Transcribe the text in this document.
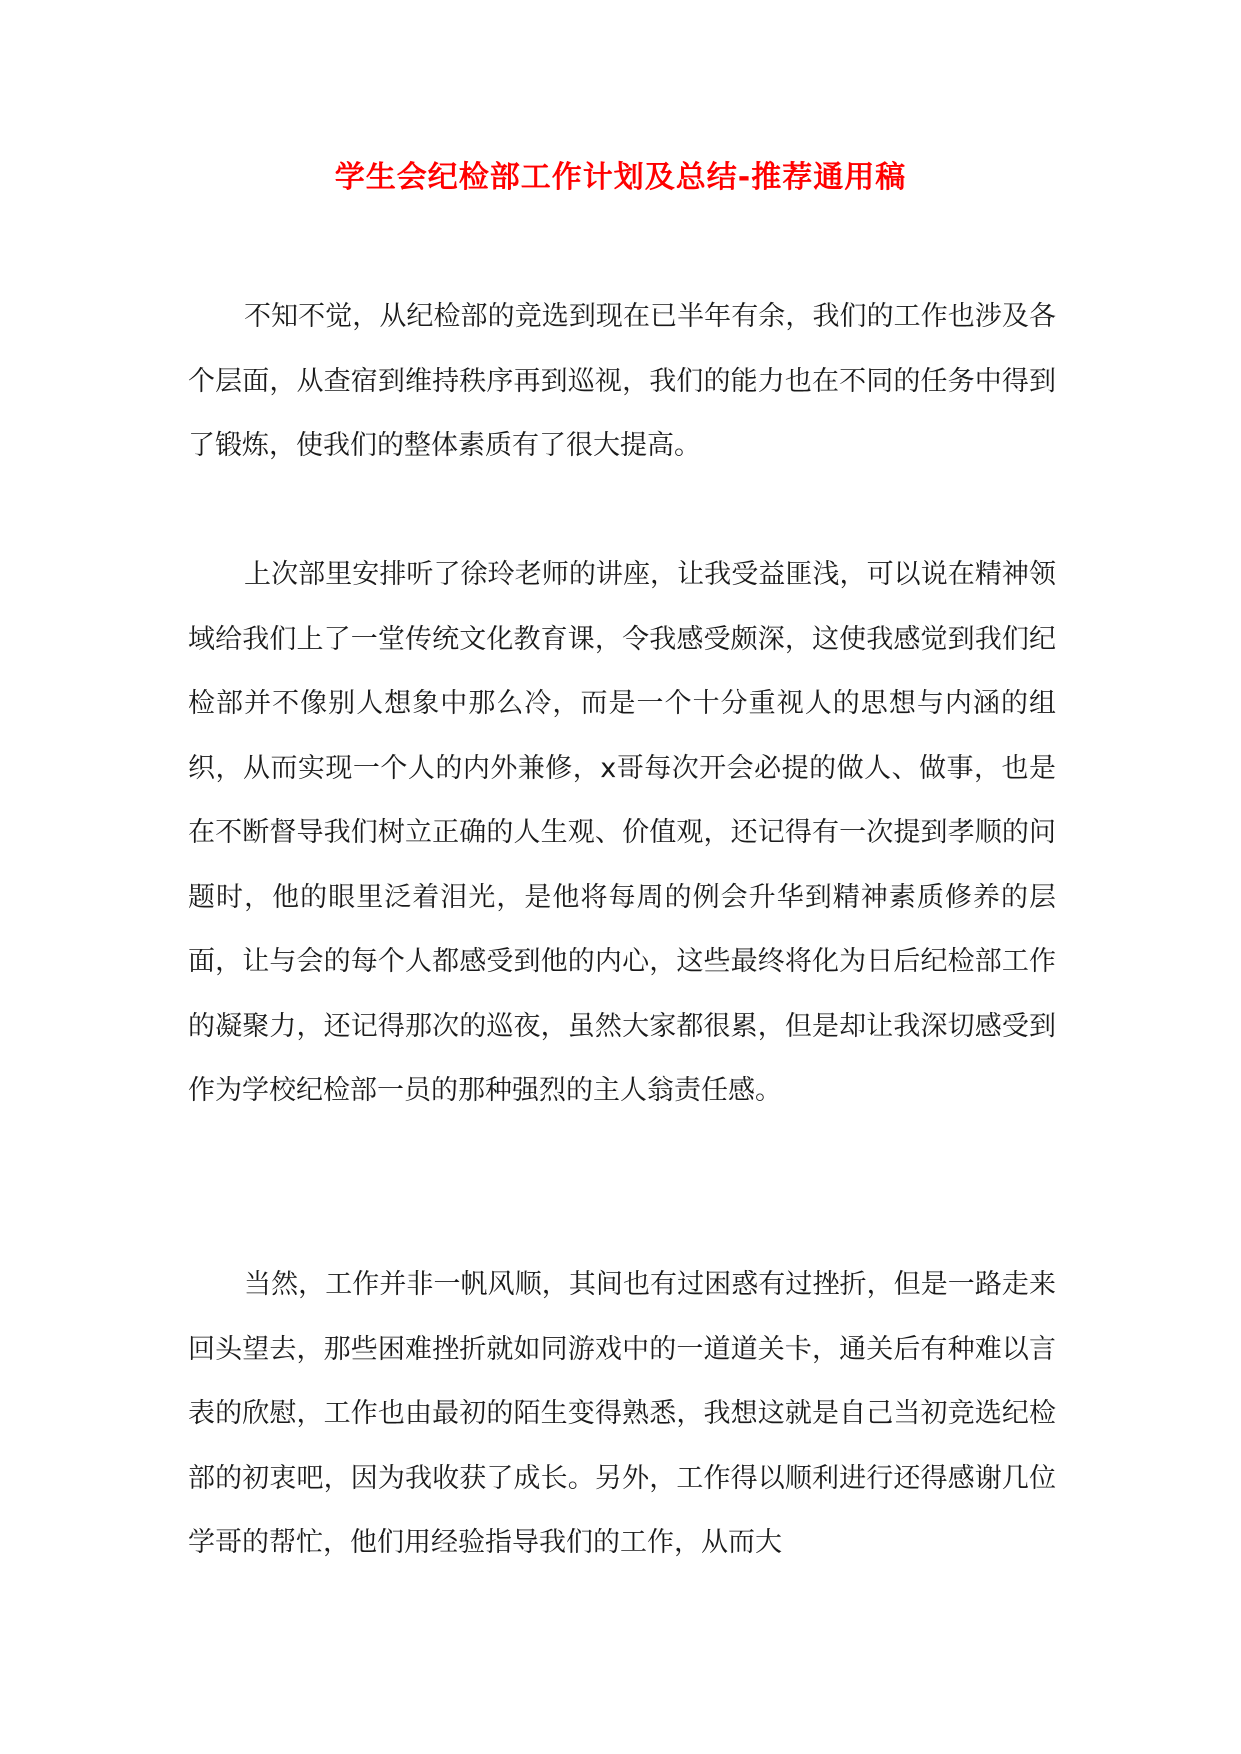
学生会纪检部工作计划及总结-推荐通用稿

不知不觉，从纪检部的竞选到现在已半年有余，我们的工作也涉及各个层面，从查宿到维持秩序再到巡视，我们的能力也在不同的任务中得到了锻炼，使我们的整体素质有了很大提高。

上次部里安排听了徐玲老师的讲座，让我受益匪浅，可以说在精神领域给我们上了一堂传统文化教育课，令我感受颇深，这使我感觉到我们纪检部并不像别人想象中那么冷，而是一个十分重视人的思想与内涵的组织，从而实现一个人的内外兼修，x哥每次开会必提的做人、做事，也是在不断督导我们树立正确的人生观、价值观，还记得有一次提到孝顺的问题时，他的眼里泛着泪光，是他将每周的例会升华到精神素质修养的层面，让与会的每个人都感受到他的内心，这些最终将化为日后纪检部工作的凝聚力，还记得那次的巡夜，虽然大家都很累，但是却让我深切感受到作为学校纪检部一员的那种强烈的主人翁责任感。

当然，工作并非一帆风顺，其间也有过困惑有过挫折，但是一路走来回头望去，那些困难挫折就如同游戏中的一道道关卡，通关后有种难以言表的欣慰，工作也由最初的陌生变得熟悉，我想这就是自己当初竞选纪检部的初衷吧，因为我收获了成长。另外，工作得以顺利进行还得感谢几位学哥的帮忙，他们用经验指导我们的工作，从而大
